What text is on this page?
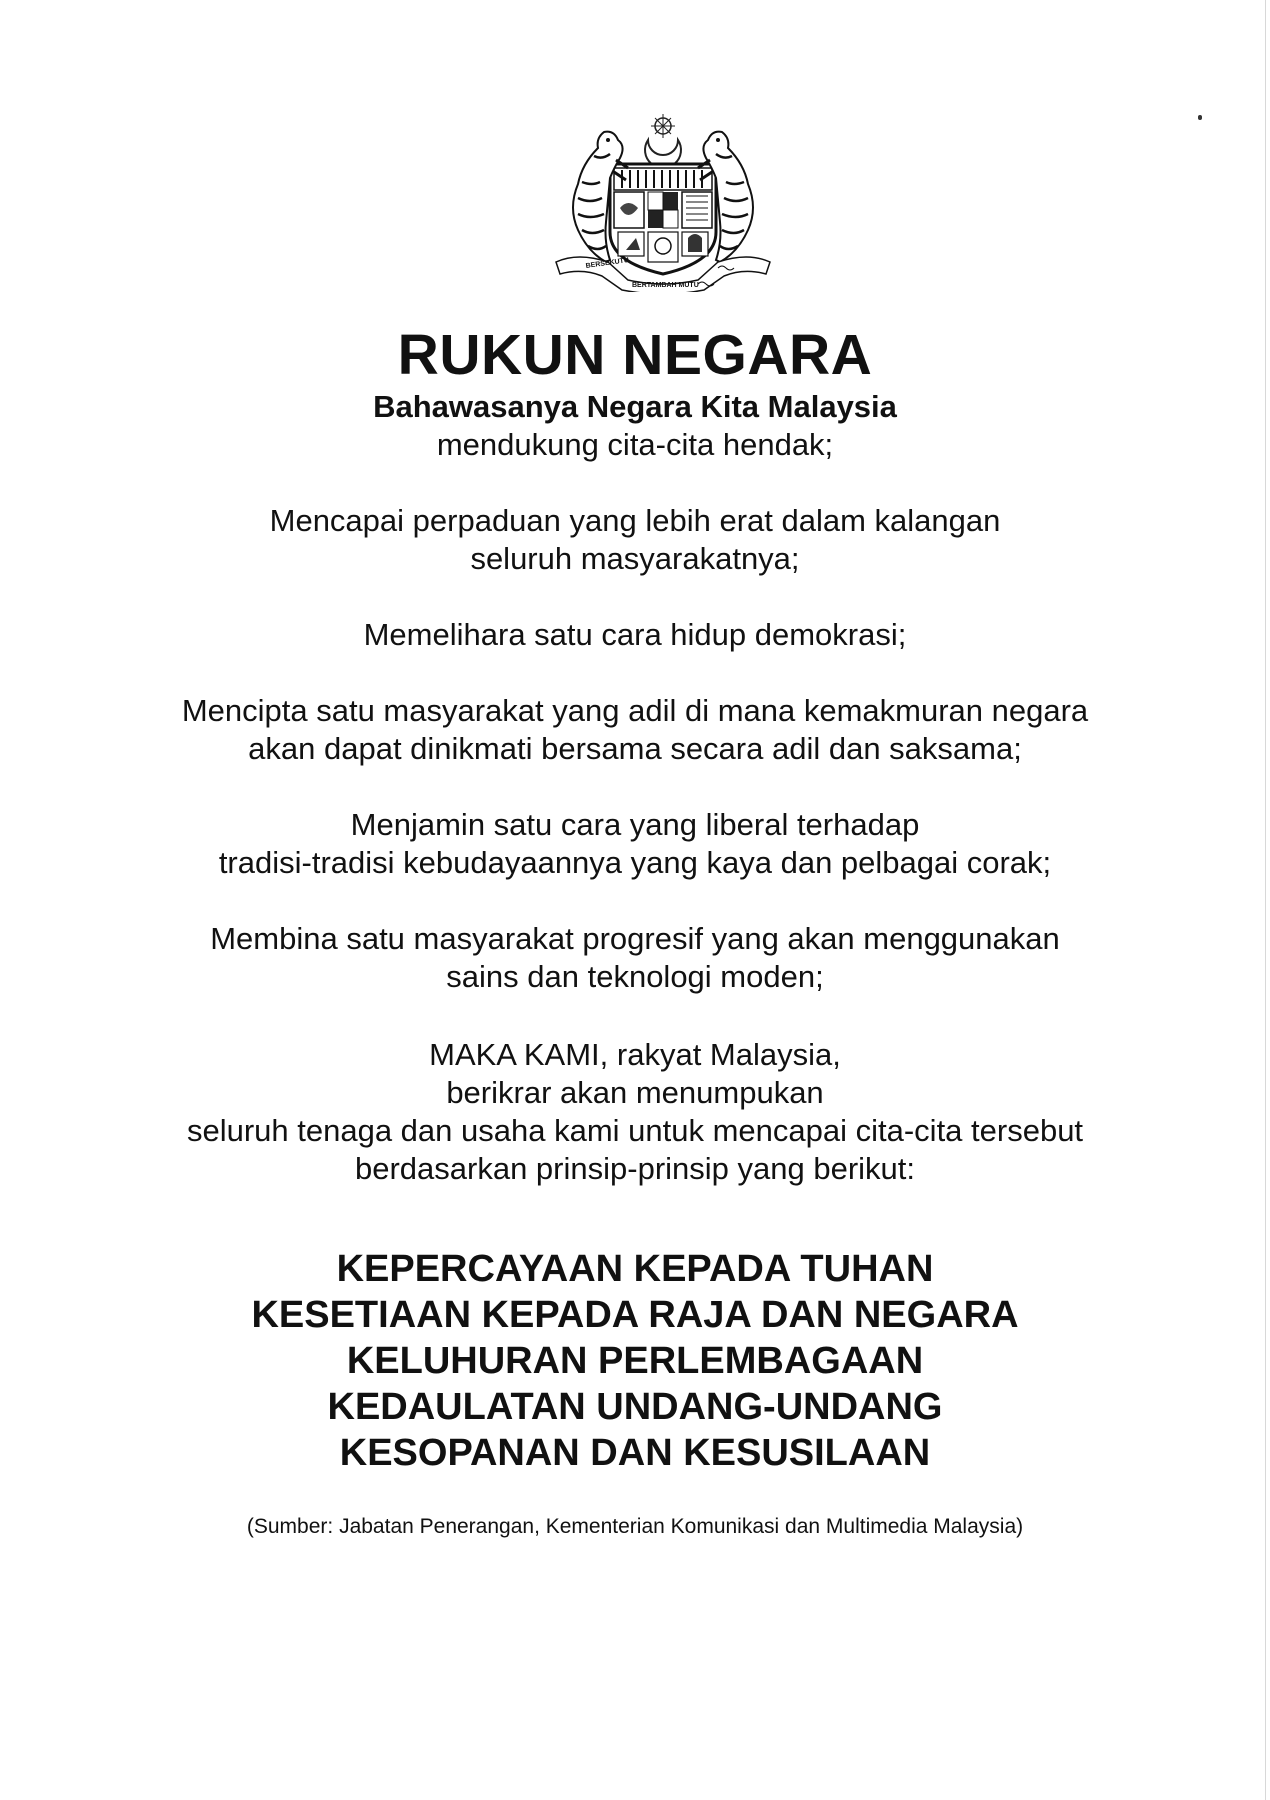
BERSEKUTU
BERTAMBAH MUTU
RUKUN NEGARA

Bahawasanya Negara Kita Malaysia

mendukung cita-cita hendak;

Mencapai perpaduan yang lebih erat dalam kalangan

seluruh masyarakatnya;

Memelihara satu cara hidup demokrasi;

Mencipta satu masyarakat yang adil di mana kemakmuran negara

akan dapat dinikmati bersama secara adil dan saksama;

Menjamin satu cara yang liberal terhadap

tradisi-tradisi kebudayaannya yang kaya dan pelbagai corak;

Membina satu masyarakat progresif yang akan menggunakan

sains dan teknologi moden;

MAKA KAMI, rakyat Malaysia,

berikrar akan menumpukan

seluruh tenaga dan usaha kami untuk mencapai cita-cita tersebut

berdasarkan prinsip-prinsip yang berikut:

KEPERCAYAAN KEPADA TUHAN

KESETIAAN KEPADA RAJA DAN NEGARA

KELUHURAN PERLEMBAGAAN

KEDAULATAN UNDANG-UNDANG

KESOPANAN DAN KESUSILAAN

(Sumber: Jabatan Penerangan, Kementerian Komunikasi dan Multimedia Malaysia)
